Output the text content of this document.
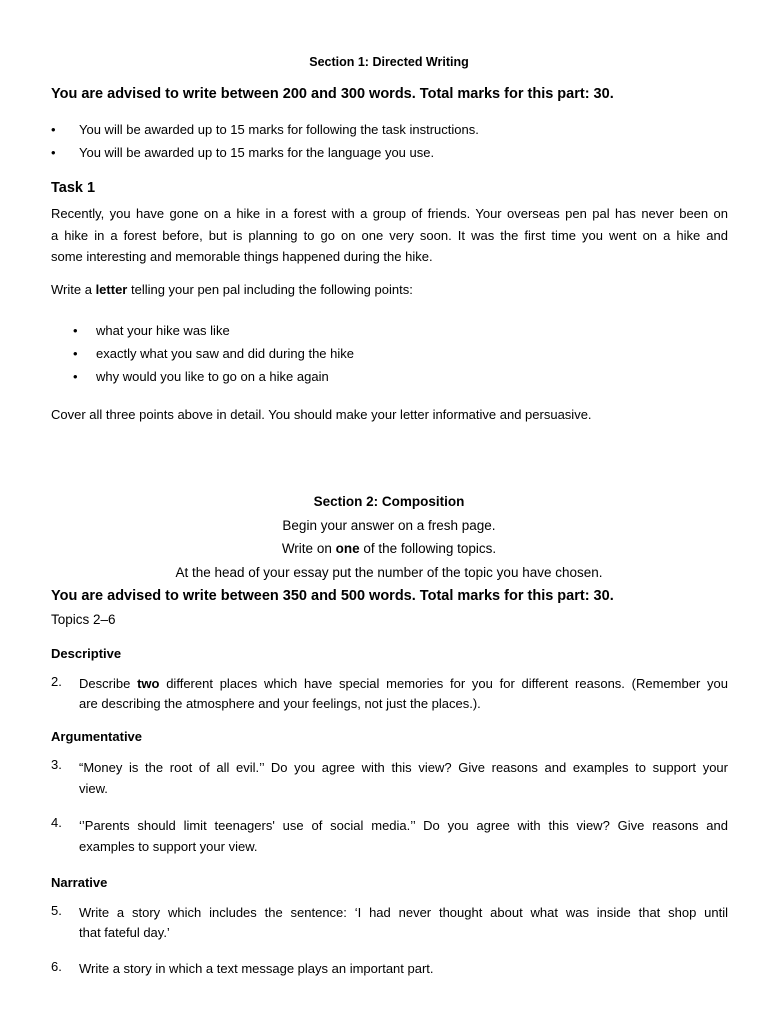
Section 1: Directed Writing
You are advised to write between 200 and 300 words. Total marks for this part: 30.
• You will be awarded up to 15 marks for following the task instructions.
• You will be awarded up to 15 marks for the language you use.
Task 1
Recently, you have gone on a hike in a forest with a group of friends. Your overseas pen pal has never been on
a hike in a forest before, but is planning to go on one very soon. It was the first time you went on a hike and
some interesting and memorable things happened during the hike.
Write a letter telling your pen pal including the following points:
• what your hike was like
• exactly what you saw and did during the hike
• why would you like to go on a hike again
Cover all three points above in detail. You should make your letter informative and persuasive.
Section 2: Composition
Begin your answer on a fresh page.
Write on one of the following topics.
At the head of your essay put the number of the topic you have chosen.
You are advised to write between 350 and 500 words. Total marks for this part: 30.
Topics 2–6
Descriptive
2. Describe two different places which have special memories for you for different reasons. (Remember you
are describing the atmosphere and your feelings, not just the places.).
Argumentative
3. “Money is the root of all evil.’’ Do you agree with this view? Give reasons and examples to support your
view.
4. ‘’Parents should limit teenagers' use of social media.’’ Do you agree with this view? Give reasons and
examples to support your view.
Narrative
5. Write a story which includes the sentence: ‘I had never thought about what was inside that shop until
that fateful day.’
6. Write a story in which a text message plays an important part.
